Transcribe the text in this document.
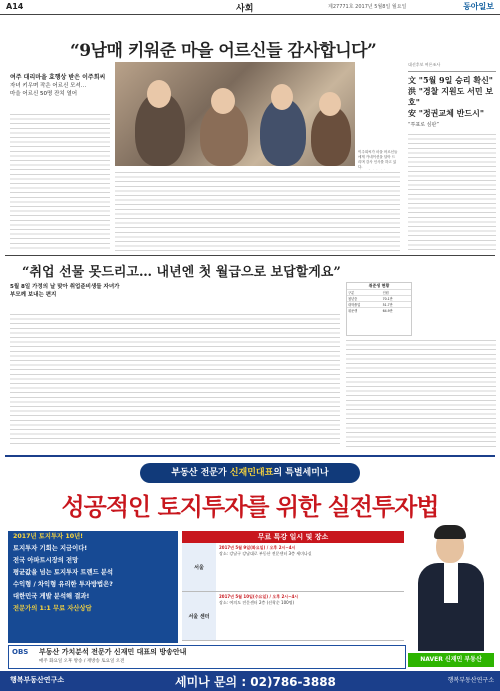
A14	사회	제27771호 2017년 5월8일 월요일	동아일보
“9남매 키워준 마을 어르신들 감사합니다”
여주 대리마을 효행상 받은 이주희씨
자녀 키우며 작은 어르신 모셔…
마을 어르신 50명 잔치 열어
이주희씨가 마을 어르신들에게 카네이션을 달아 드리며 감사 인사를 하고 있다.

대선후보 여론조사
文 "5월 9일 승리 확신"
洪 "경찰 지원도 서민 보호"
安 "정권교체 반드시"
“투표로 심판”
“취업 선물 못드리고… 내년엔 첫 월급으로 보답할게요”
5월 8일 가정의 날 맞아 취업준비생들 자녀가 부모께 보내는 편지
취준생 현황
구분	인원
청년층	70.1만
대학졸업	51.7만
취준생	64.9만
부동산 전문가 신재민대표의 특별세미나
성공적인 토지투자를 위한 실전투자법

2017년 토지투자 10년!

토지투자 기회는 지금이다!

전국 아파트시장의 전망

평균값을 넘는 토지투자 트렌드 분석

수익형 / 차익형 유리한 투자방법은?

대한민국 게발 분석해 결과!

전문가의 1:1 무료 자산상담

무료 특강 일시 및 장소
서울
2017년 5월 9일(화요일) / 오후 2시~4시
장소: 강남구 강남대로 부동산 전문센터 3층 세미나실
서울 센터
2017년 5월 10일(수요일) / 오후 2시~4시
장소: 여의도 전문센터 2층 (선착순 100명)
OBS 부동산 가치분석 전문가 신재민 대표의 방송안내
매주 화요일 오후 방송 / 재방송 토요일 오전	NAVER 신재민 부동산
행복부동산연구소	세미나 문의 : 02)786-3888	행복부동산연구소
